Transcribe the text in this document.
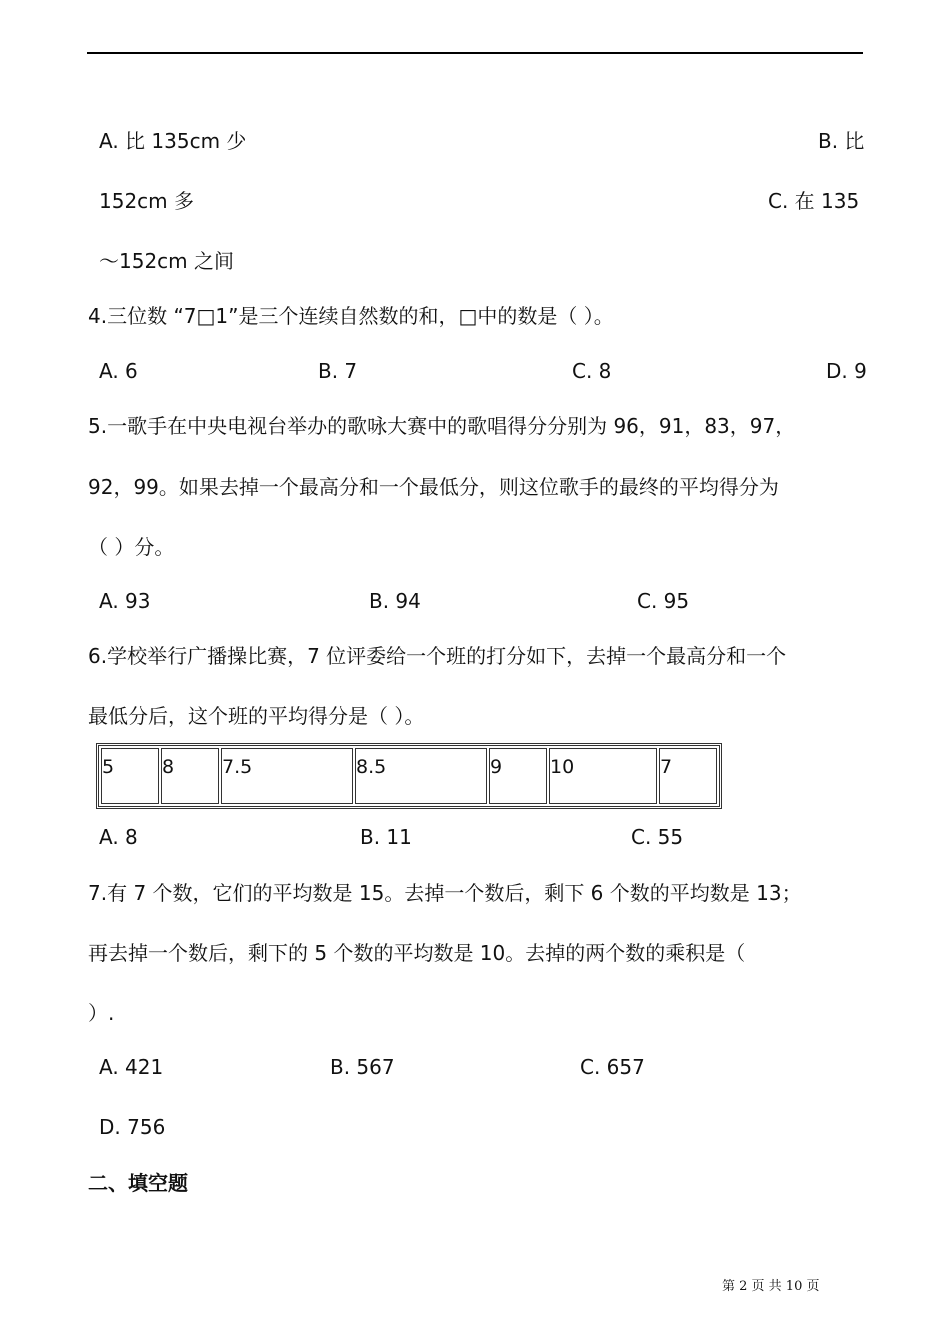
A. 比 135cm 少	B. 比
152cm 多	C. 在 135
～152cm 之间
4.三位数 “7□1”是三个连续自然数的和，□中的数是（ ）。
A. 6	B. 7	C. 8	D. 9
5.一歌手在中央电视台举办的歌咏大赛中的歌唱得分分别为 96，91，83，97，
92，99。如果去掉一个最高分和一个最低分，则这位歌手的最终的平均得分为
（ ）分。
A. 93	B. 94	C. 95
6.学校举行广播操比赛，7 位评委给一个班的打分如下，去掉一个最高分和一个
最低分后，这个班的平均得分是（ ）。
5	8	7.5	8.5	9	10	7
A. 8	B. 11	C. 55
7.有 7 个数，它们的平均数是 15。去掉一个数后，剩下 6 个数的平均数是 13；
再去掉一个数后，剩下的 5 个数的平均数是 10。去掉的两个数的乘积是（
）.
A. 421	B. 567	C. 657
D. 756
二、填空题
第 2 页 共 10 页
